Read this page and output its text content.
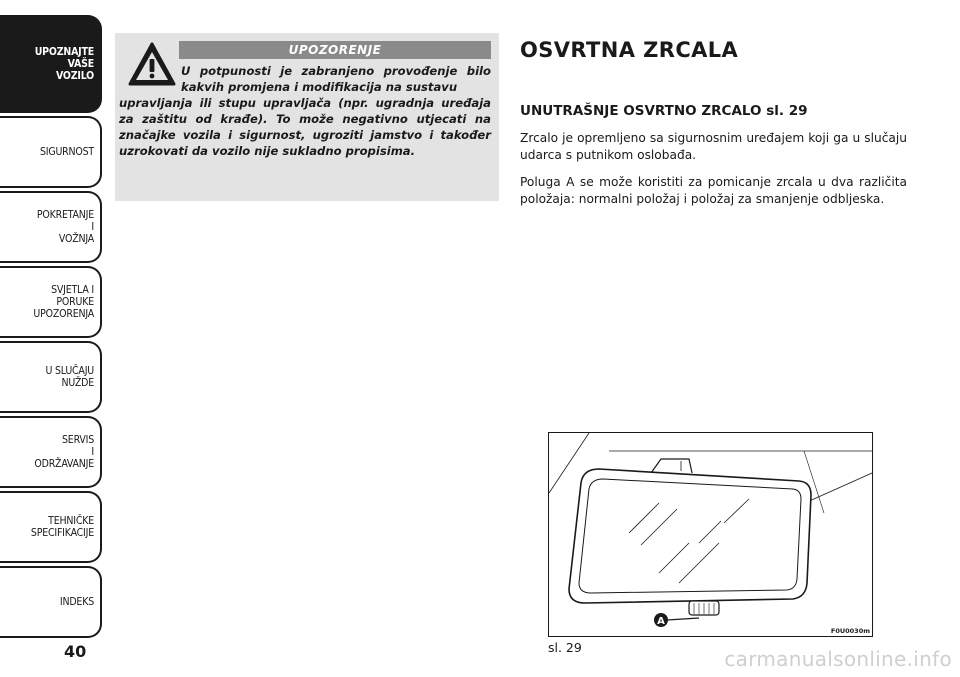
UPOZNAJTE
VAŠE
VOZILO
SIGURNOST
POKRETANJE
I
VOŽNJA
SVJETLA I
PORUKE
UPOZORENJA
U SLUČAJU
NUŽDE
SERVIS
I
ODRŽAVANJE
TEHNIČKE
SPECIFIKACIJE
INDEKS
40
UPOZORENJE
U potpunosti je zabranjeno provođenje bilo kakvih promjena i modifikacija na sustavu
upravljanja ili stupu upravljača (npr. ugradnja uređaja za zaštitu od krađe). To može negativno utjecati na značajke vozila i sigurnost, ugroziti jamstvo i također uzrokovati da vozilo nije sukladno propisima.
OSVRTNA ZRCALA
UNUTRAŠNJE OSVRTNO ZRCALO sl. 29
Zrcalo je opremljeno sa sigurnosnim uređajem koji ga u slučaju udarca s putnikom oslobađa.
Poluga A se može koristiti za pomicanje zrcala u dva različita položaja: normalni položaj i položaj za smanjenje odbljeska.
A
F0U0030m
sl. 29	carmanualsonline.info
